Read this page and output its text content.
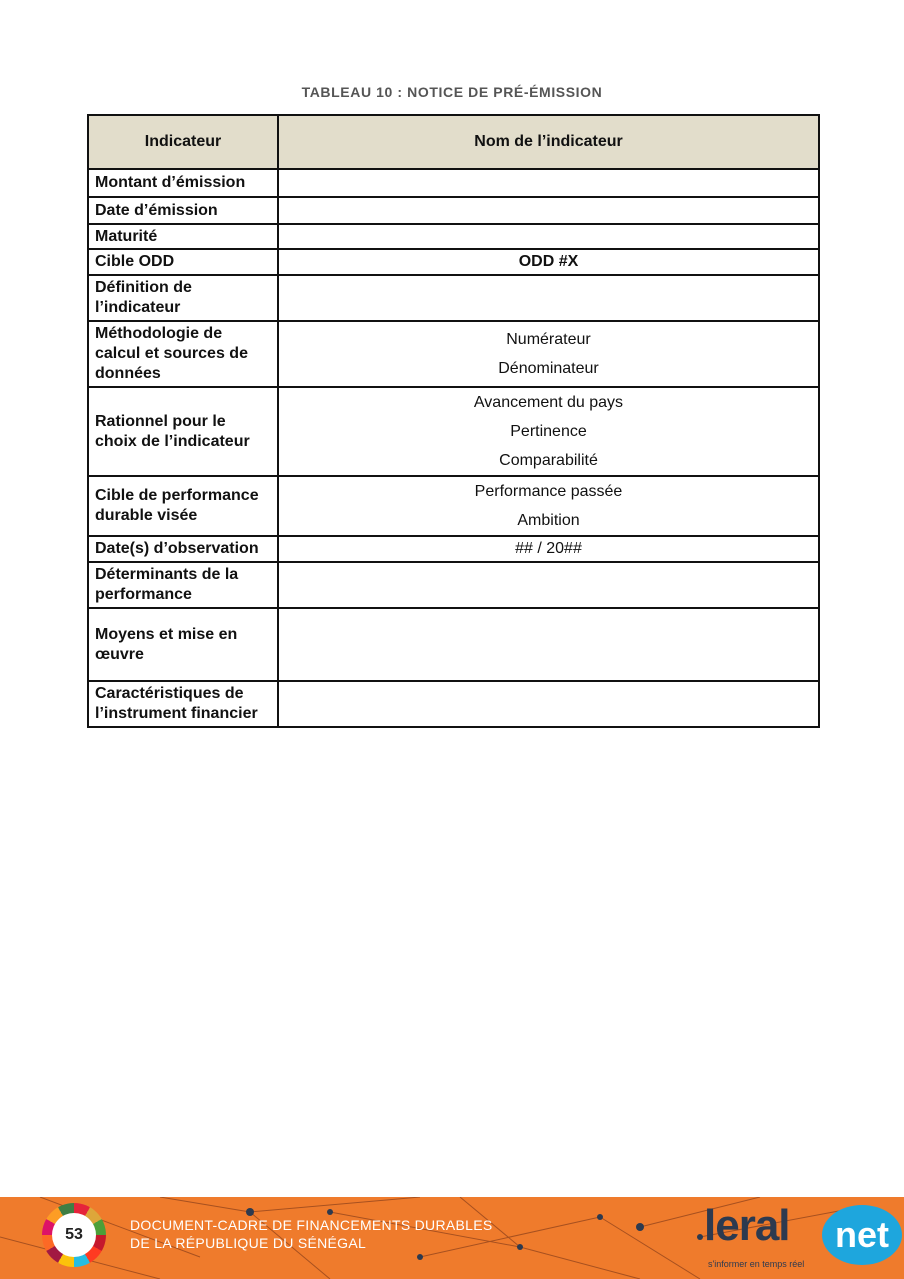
TABLEAU 10 : NOTICE DE PRÉ-ÉMISSION
Indicateur	Nom de l’indicateur
Montant d’émission	
Date d’émission	
Maturité	
Cible ODD	ODD #X

Définition de l’indicateur	
Méthodologie de calcul et sources de données	Numérateur
Dénominateur

Rationnel pour le choix de l’indicateur	Avancement du pays
Pertinence
Comparabilité

Cible de performance durable visée	Performance passée
Ambition

Date(s) d’observation	## / 20##

Déterminants de la performance	
Moyens et mise en œuvre	
Caractéristiques de l’instrument financier	
53
DOCUMENT-CADRE DE FINANCEMENTS DURABLES
DE LA RÉPUBLIQUE DU SÉNÉGAL	leral	net
s'informer en temps réel
